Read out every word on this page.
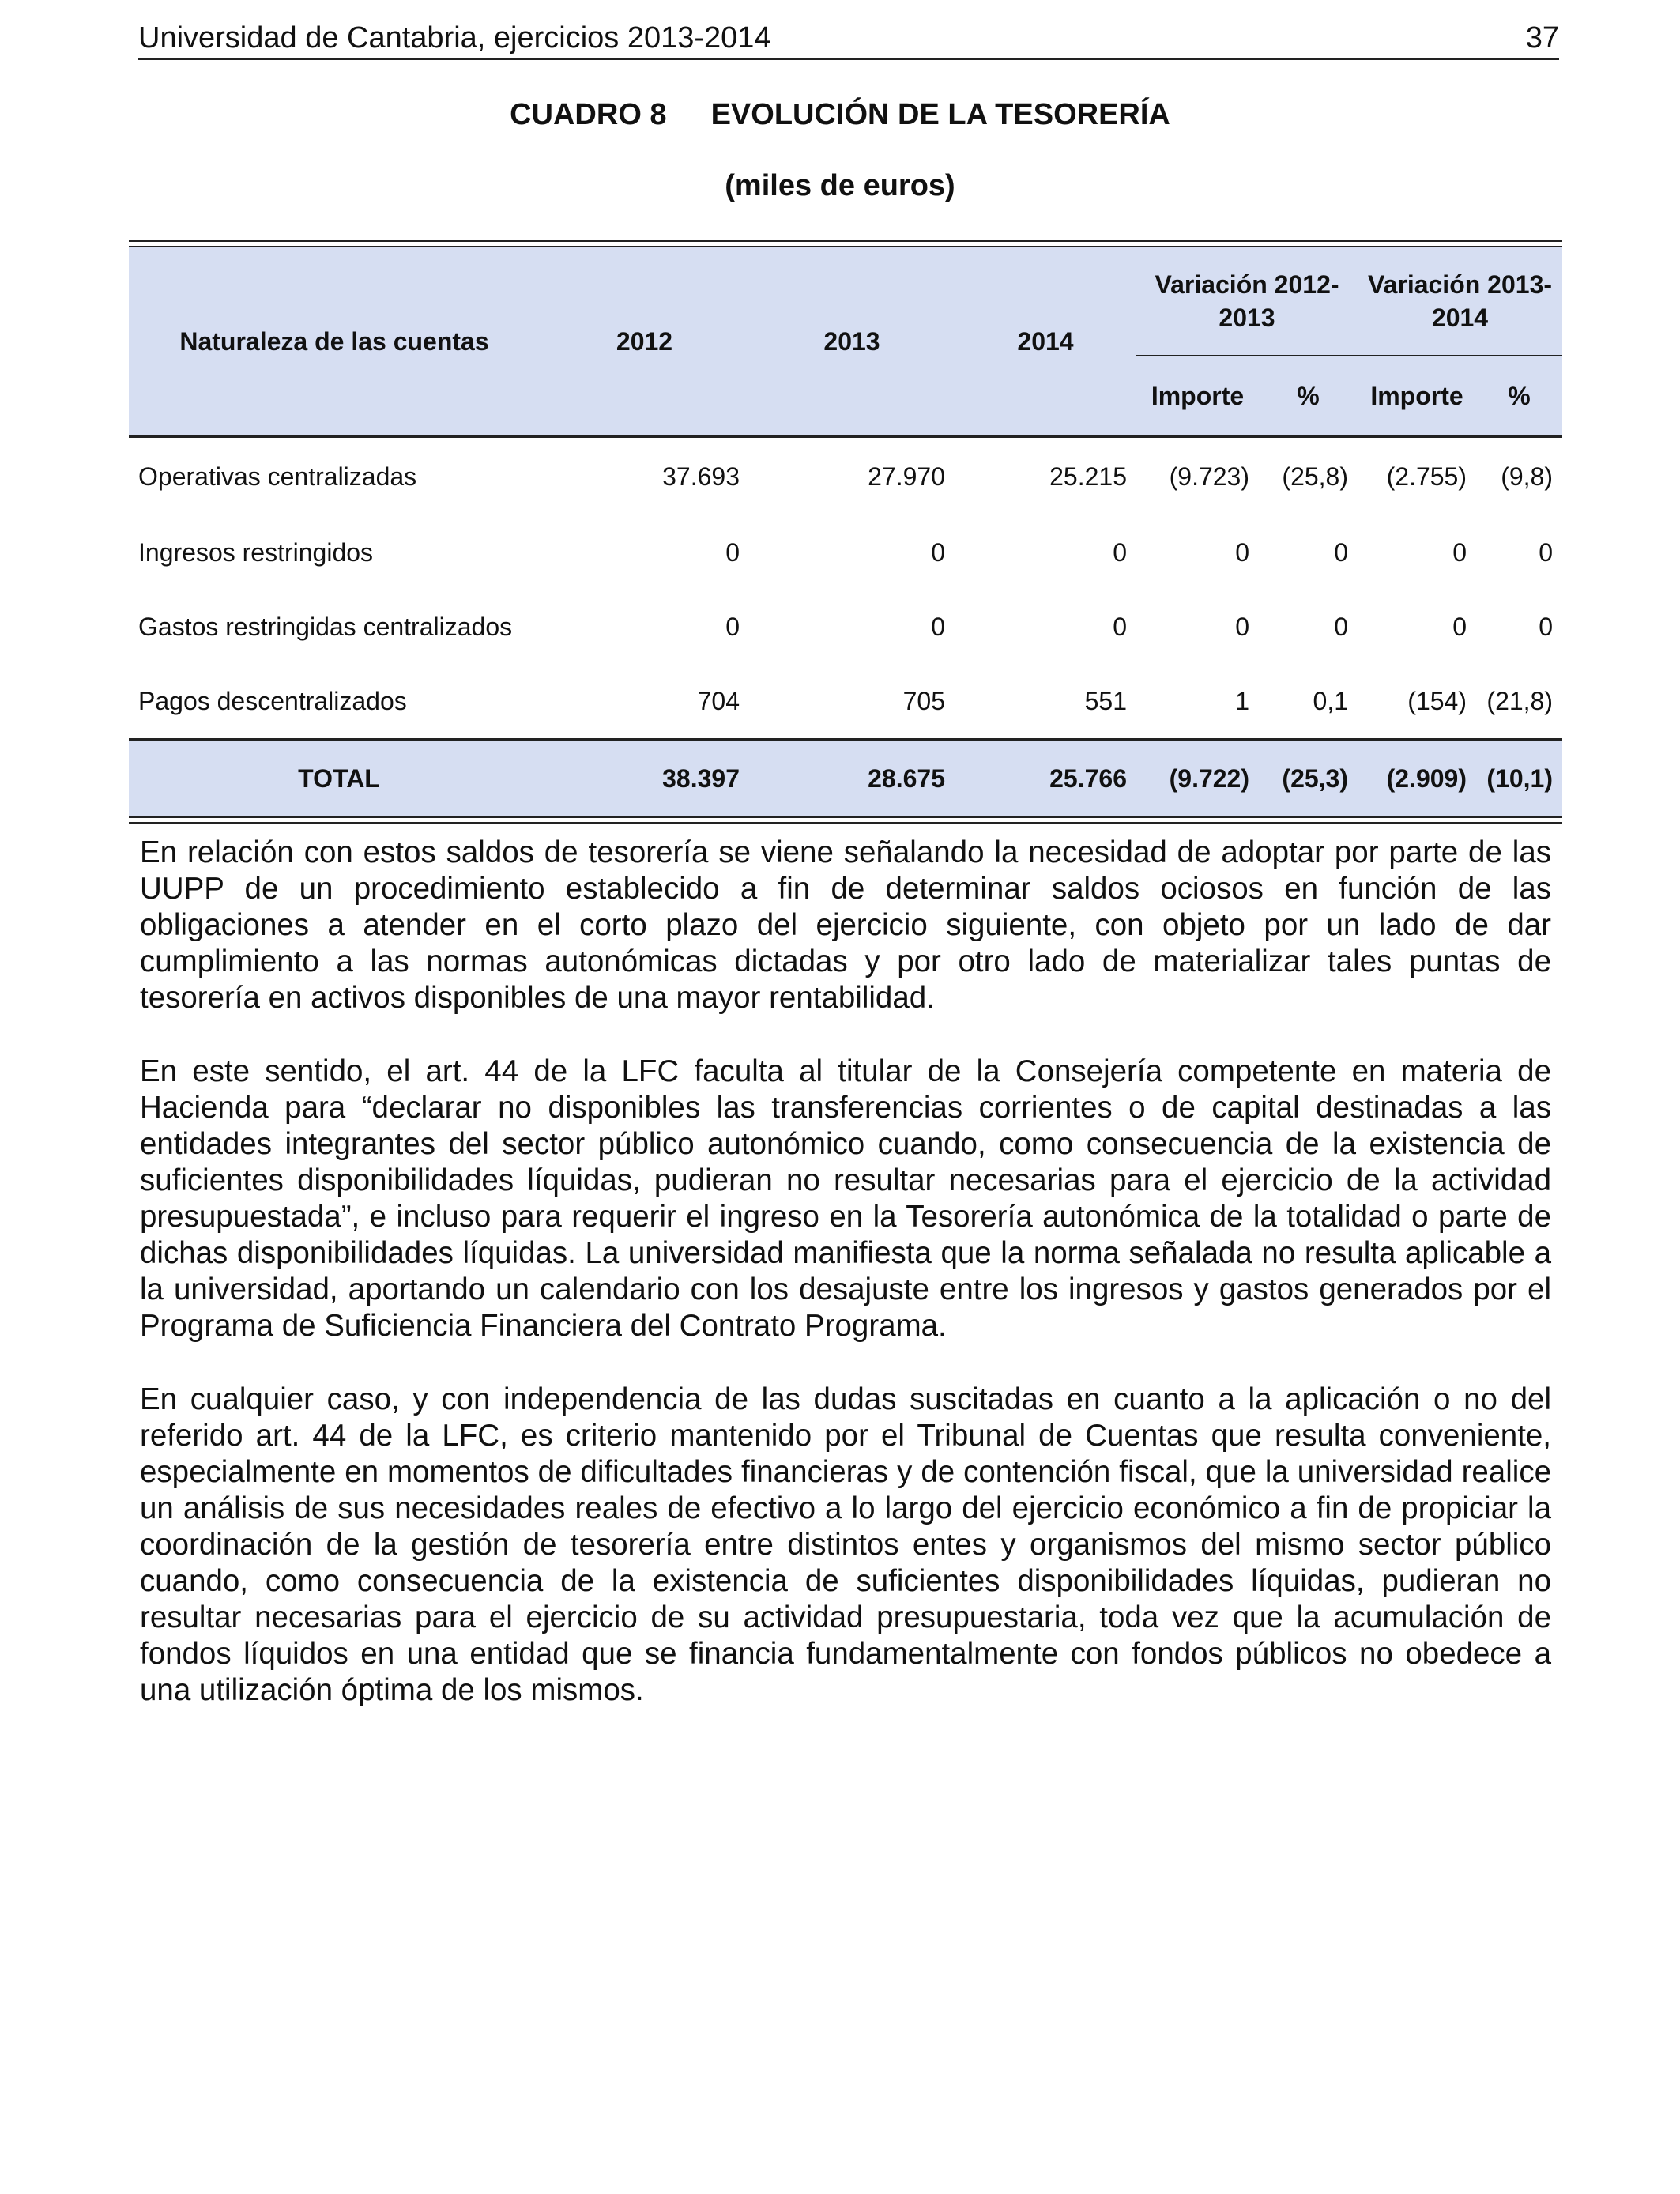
Universidad de Cantabria, ejercicios 2013-2014	37
CUADRO 8 EVOLUCIÓN DE LA TESORERÍA
(miles de euros)
Naturaleza de las cuentas	2012	2013	2014	Variación 2012-2013		Variación 2013-2014	
				Importe	%	Importe	%
Operativas centralizadas	37.693	27.970	25.215	(9.723)	(25,8)	(2.755)	(9,8)
Ingresos restringidos	0	0	0	0	0	0	0
Gastos restringidas centralizados	0	0	0	0	0	0	0
Pagos descentralizados	704	705	551	1	0,1	(154)	(21,8)
TOTAL	38.397	28.675	25.766	(9.722)	(25,3)	(2.909)	(10,1)

En relación con estos saldos de tesorería se viene señalando la necesidad de adoptar por parte de las UUPP de un procedimiento establecido a fin de determinar saldos ociosos en función de las obligaciones a atender en el corto plazo del ejercicio siguiente, con objeto por un lado de dar cumplimiento a las normas autonómicas dictadas y por otro lado de materializar tales puntas de tesorería en activos disponibles de una mayor rentabilidad.

En este sentido, el art. 44 de la LFC faculta al titular de la Consejería competente en materia de Hacienda para “declarar no disponibles las transferencias corrientes o de capital destinadas a las entidades integrantes del sector público autonómico cuando, como consecuencia de la existencia de suficientes disponibilidades líquidas, pudieran no resultar necesarias para el ejercicio de la actividad presupuestada”, e incluso para requerir el ingreso en la Tesorería autonómica de la totalidad o parte de dichas disponibilidades líquidas. La universidad manifiesta que la norma señalada no resulta aplicable a la universidad, aportando un calendario con los desajuste entre los ingresos y gastos generados por el Programa de Suficiencia Financiera del Contrato Programa.

En cualquier caso, y con independencia de las dudas suscitadas en cuanto a la aplicación o no del referido art. 44 de la LFC, es criterio mantenido por el Tribunal de Cuentas que resulta conveniente, especialmente en momentos de dificultades financieras y de contención fiscal, que la universidad realice un análisis de sus necesidades reales de efectivo a lo largo del ejercicio económico a fin de propiciar la coordinación de la gestión de tesorería entre distintos entes y organismos del mismo sector público cuando, como consecuencia de la existencia de suficientes disponibilidades líquidas, pudieran no resultar necesarias para el ejercicio de su actividad presupuestaria, toda vez que la acumulación de fondos líquidos en una entidad que se financia fundamentalmente con fondos públicos no obedece a una utilización óptima de los mismos.
